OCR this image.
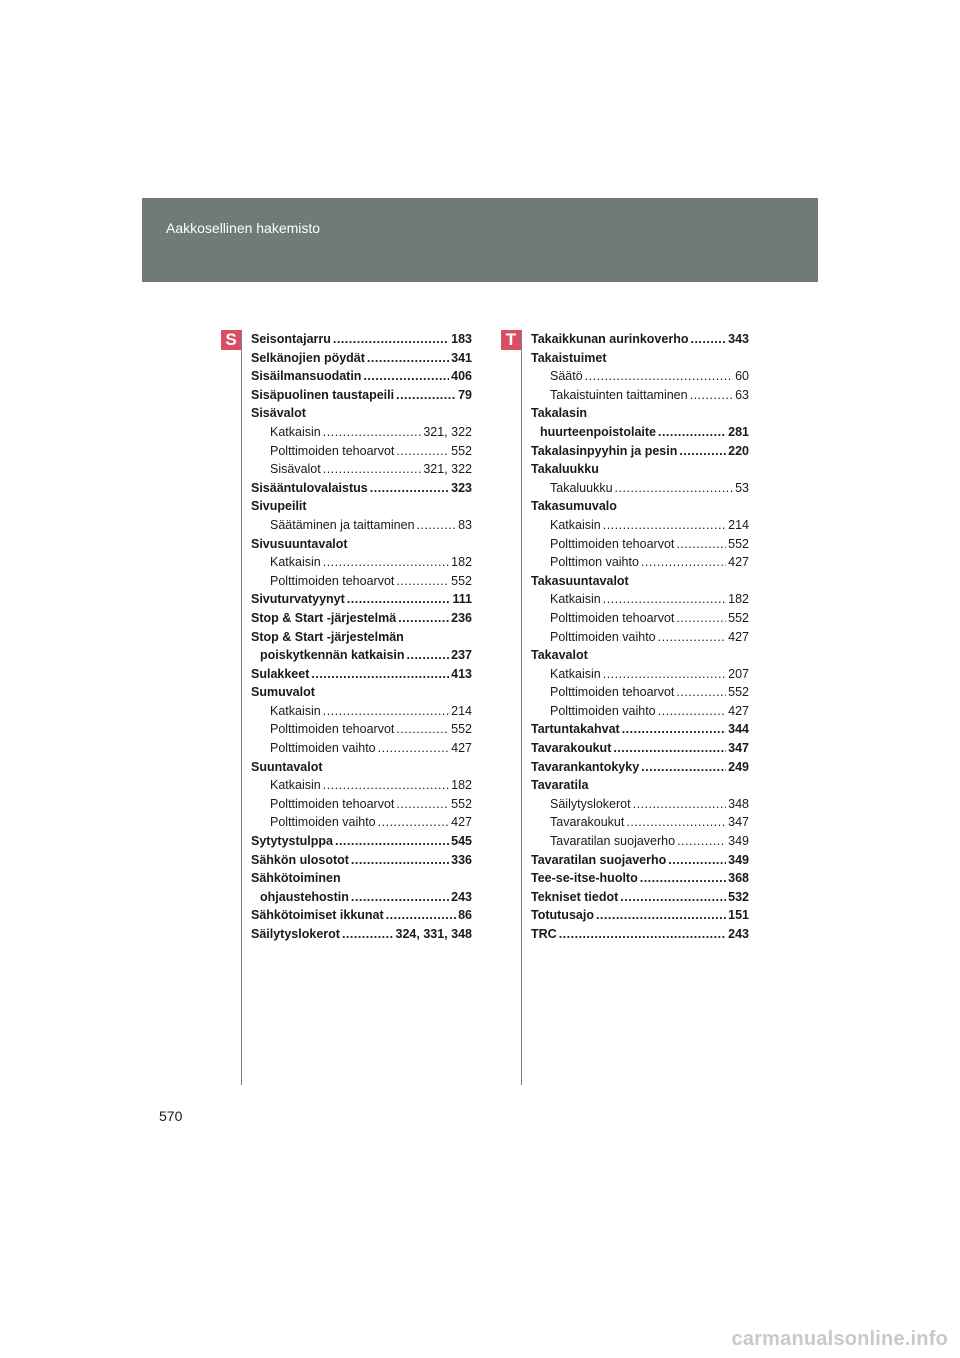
Aakkosellinen hakemisto
S	T
Seisontajarru .....	183
Selkänojien pöydät .....	341
Sisäilmansuodatin .....	406
Sisäpuolinen taustapeili .....	79
Sisävalot
Katkaisin .....	321, 322
Polttimoiden tehoarvot .....	552
Sisävalot .....	321, 322
Sisääntulovalaistus .....	323
Sivupeilit
Säätäminen ja taittaminen .....	83
Sivusuuntavalot
Katkaisin .....	182
Polttimoiden tehoarvot .....	552
Sivuturvatyynyt .....	111
Stop & Start -järjestelmä .....	236
Stop & Start -järjestelmän
poiskytkennän katkaisin .....	237
Sulakkeet .....	413
Sumuvalot
Katkaisin .....	214
Polttimoiden tehoarvot .....	552
Polttimoiden vaihto .....	427
Suuntavalot
Katkaisin .....	182
Polttimoiden tehoarvot .....	552
Polttimoiden vaihto .....	427
Sytytystulppa .....	545
Sähkön ulosotot .....	336
Sähkötoiminen
ohjaustehostin .....	243
Sähkötoimiset ikkunat .....	86
Säilytyslokerot .....	324, 331, 348
Takaikkunan aurinkoverho .....	343
Takaistuimet
Säätö .....	60
Takaistuinten taittaminen .....	63
Takalasin
huurteenpoistolaite .....	281
Takalasinpyyhin ja pesin .....	220
Takaluukku
Takaluukku .....	53
Takasumuvalo
Katkaisin .....	214
Polttimoiden tehoarvot .....	552
Polttimon vaihto .....	427
Takasuuntavalot
Katkaisin .....	182
Polttimoiden tehoarvot .....	552
Polttimoiden vaihto .....	427
Takavalot
Katkaisin .....	207
Polttimoiden tehoarvot .....	552
Polttimoiden vaihto .....	427
Tartuntakahvat .....	344
Tavarakoukut .....	347
Tavarankantokyky .....	249
Tavaratila
Säilytyslokerot .....	348
Tavarakoukut .....	347
Tavaratilan suojaverho .....	349
Tavaratilan suojaverho .....	349
Tee-se-itse-huolto .....	368
Tekniset tiedot .....	532
Totutusajo .....	151
TRC .....	243
570
carmanualsonline.info
